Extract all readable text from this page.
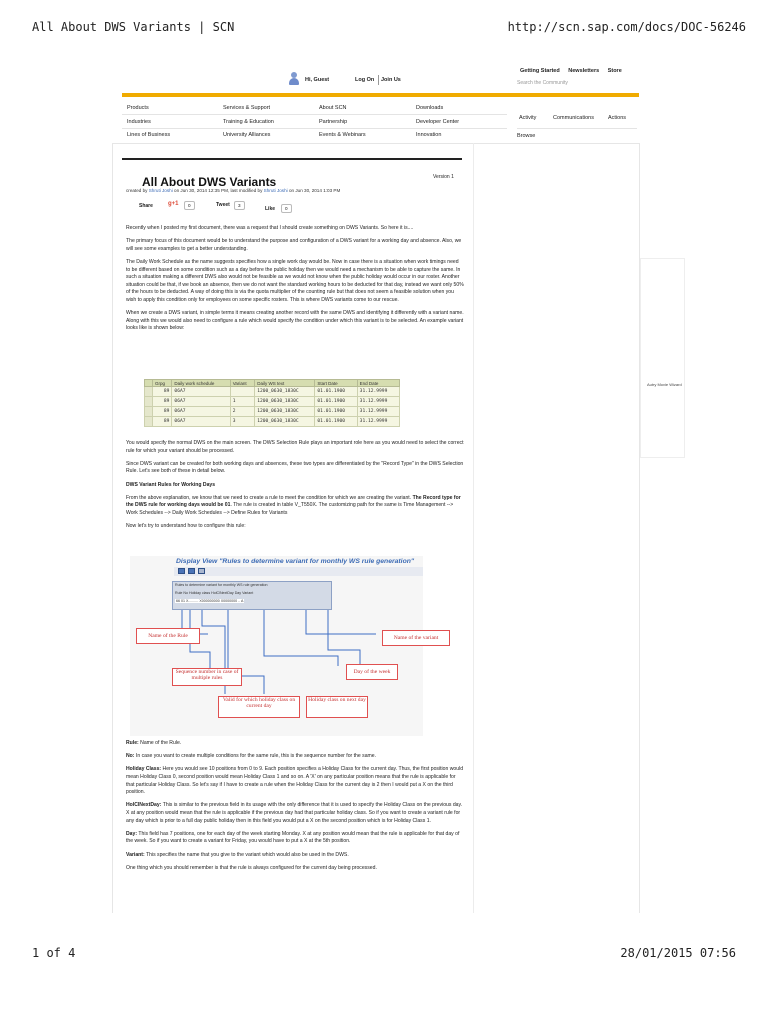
All About DWS Variants | SCN	http://scn.sap.com/docs/DOC-56246
Getting Started Newsletters Store
Search the Community
Hi, Guest	Log On Join Us
Products
Industries
Lines of Business
Services & Support
Training & Education
University Alliances
About SCN
Partnership
Events & Webinars
Downloads
Developer Center
Innovation
Activity	Communications	Actions
Browse
Autry Movie Wizard
All About DWS Variants	Version 1
created by Shruti Joshi on Jun 30, 2014 12:35 PM, last modified by Shruti Joshi on Jun 30, 2014 1:03 PM
Share	g+1	0	Tweet	3
Like	0

Recently when I posted my first document, there was a request that I should create something on DWS Variants. So here it is....

The primary focus of this document would be to understand the purpose and configuration of a DWS variant for a working day and absence. Also, we will see some examples to get a better understanding.

The Daily Work Schedule as the name suggests specifies how a single work day would be. Now in case there is a situation when work timings need to be different based on some condition such as a day before the public holiday then we would need a mechanism to be able to capture the same. In such a situation making a different DWS also would not be feasible as we would not know when the public holiday would occur in our roster. Another situation could be that, if we book an absence, then we do not want the standard working hours to be deducted for that day, instead we want only 50% of the hours to be deducted. A way of doing this is via the quota multiplier of the counting rule but that does not seem a feasible solution when you wish to apply this condition only for employees on some specific rosters. This is where DWS variants come to our rescue.

When we create a DWS variant, in simple terms it means creating another record with the same DWS and identifying it differently with a variant name. Along with this we would also need to configure a rule which would specify the condition under which this variant is to be selected. An example variant looks like is shown below:

	Grpg	Daily work schedule	Variant	Daily WS text	Start Date	End Date
	89	06A7		1200_0630_1830C	01.01.1900	31.12.9999
	89	06A7	1	1200_0630_1830C	01.01.1900	31.12.9999
	89	06A7	2	1200_0630_1830C	01.01.1900	31.12.9999
	89	06A7	3	1200_0630_1830C	01.01.1900	31.12.9999

You would specify the normal DWS on the main screen. The DWS Selection Rule plays an important role here as you would need to select the correct rule for which your variant should be processed.

Since DWS variant can be created for both working days and absences, these two types are differentiated by the "Record Type" in the DWS Selection Rule. Let's see both of these in detail below.

DWS Variant Rules for Working Days

From the above explanation, we know that we need to create a rule to meet the condition for which we are creating the variant. The Record type for the DWS rule for working days would be 01. The rule is created in table V_T550X. The customizing path for the same is Time Management --> Work Schedules --> Daily Work Schedules --> Define Rules for Variants

Now let's try to understand how to configure this rule:

Display View "Rules to determine variant for monthly WS rule generation"
Rules to determine variant for monthly WS rule generation
Rule No Holiday class HolClNextDay Day Variant
66 01 X.......... X000000000 X0000000 .. A
Name of the Rule
Sequence number in case of multiple rules
Valid for which holiday class on current day
Holiday class on next day
Day of the week
Name of the variant

Rule: Name of the Rule.

No: In case you want to create multiple conditions for the same rule, this is the sequence number for the same.

Holiday Class: Here you would see 10 positions from 0 to 9. Each position specifies a Holiday Class for the current day. Thus, the first position would mean Holiday Class 0, second position would mean Holiday Class 1 and so on. A 'X' on any particular position means that the rule is applicable for that particular Holiday Class. So let's say if I have to create a rule when the Holiday Class for the current day is 2 then I would put a X on the third position.

HolClNextDay: This is similar to the previous field in its usage with the only difference that it is used to specify the Holiday Class on the previous day. X at any position would mean that the rule is applicable if the previous day had that particular holiday class. So if you want to create a variant rule for any day which is prior to a full day public holiday then in this field you would put a X on the second position which is for Holiday Class 1.

Day: This field has 7 positions, one for each day of the week starting Monday. X at any position would mean that the rule is applicable for that day of the week. So if you want to create a variant for Friday, you would have to put a X at the 5th position.

Variant: This specifies the name that you give to the variant which would also be used in the DWS.

One thing which you should remember is that the rule is always configured for the current day being processed.

1 of 4	28/01/2015 07:56
